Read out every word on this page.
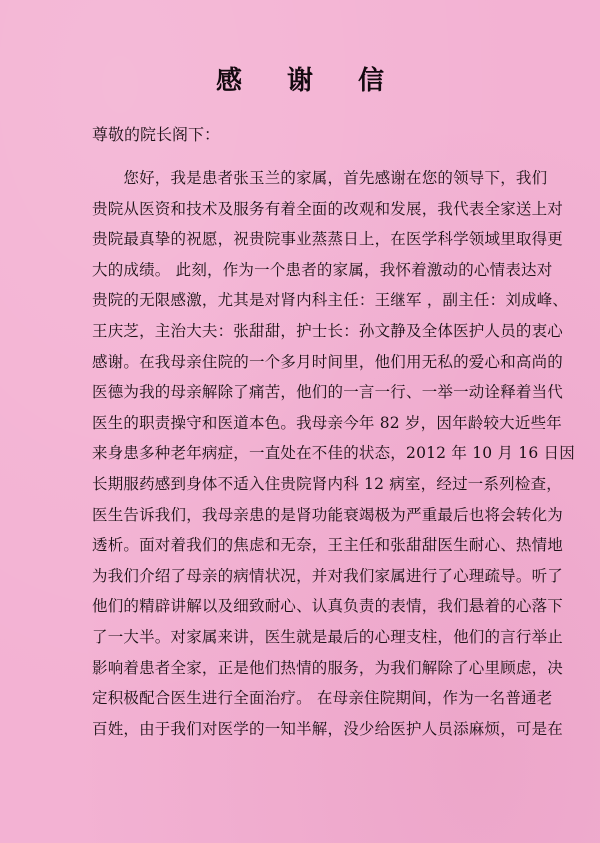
感 谢 信
尊敬的院长阁下：
　　您好，我是患者张玉兰的家属，首先感谢在您的领导下，我们
贵院从医资和技术及服务有着全面的改观和发展，我代表全家送上对
贵院最真挚的祝愿，祝贵院事业蒸蒸日上，在医学科学领域里取得更
大的成绩。 此刻，作为一个患者的家属，我怀着激动的心情表达对
贵院的无限感激，尤其是对肾内科主任：王继军 ，副主任：刘成峰、
王庆芝，主治大夫：张甜甜，护士长：孙文静及全体医护人员的衷心
感谢。在我母亲住院的一个多月时间里，他们用无私的爱心和高尚的
医德为我的母亲解除了痛苦，他们的一言一行、一举一动诠释着当代
医生的职责操守和医道本色。我母亲今年 82 岁，因年龄较大近些年
来身患多种老年病症，一直处在不佳的状态，2012 年 10 月 16 日因
长期服药感到身体不适入住贵院肾内科 12 病室，经过一系列检查，
医生告诉我们，我母亲患的是肾功能衰竭极为严重最后也将会转化为
透析。面对着我们的焦虑和无奈，王主任和张甜甜医生耐心、热情地
为我们介绍了母亲的病情状况，并对我们家属进行了心理疏导。听了
他们的精辟讲解以及细致耐心、认真负责的表情，我们悬着的心落下
了一大半。对家属来讲，医生就是最后的心理支柱，他们的言行举止
影响着患者全家，正是他们热情的服务，为我们解除了心里顾虑，决
定积极配合医生进行全面治疗。 在母亲住院期间，作为一名普通老
百姓，由于我们对医学的一知半解，没少给医护人员添麻烦，可是在
